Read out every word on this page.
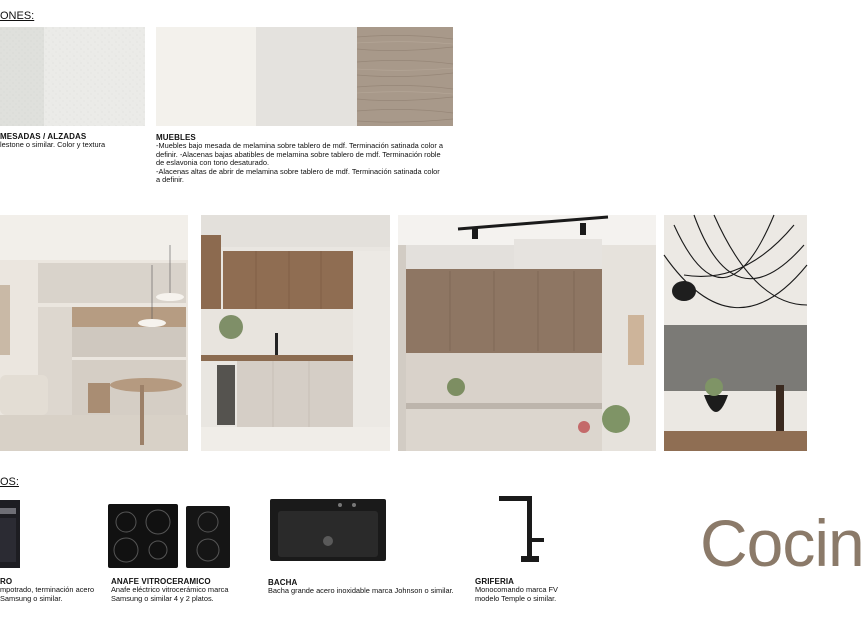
ONES:
MESADAS / ALZADAS
lestone o similar. Color y textura
MUEBLES
-Muebles bajo mesada de melamina sobre tablero de mdf. Terminación satinada color a
definir. -Alacenas bajas abatibles de melamina sobre tablero de mdf. Terminación roble
de eslavonia con tono desaturado.
-Alacenas altas de abrir de melamina sobre tablero de mdf. Terminación satinada color
a definir.
OS:
RO
mpotrado, terminación acero
Samsung o similar.
ANAFE VITROCERAMICO
Anafe eléctrico vitrocerámico marca
Samsung o similar 4 y 2 platos.
BACHA
Bacha grande acero inoxidable marca Johnson o similar.
GRIFERIA
Monocomando marca FV
modelo Temple o similar.
Cocin
